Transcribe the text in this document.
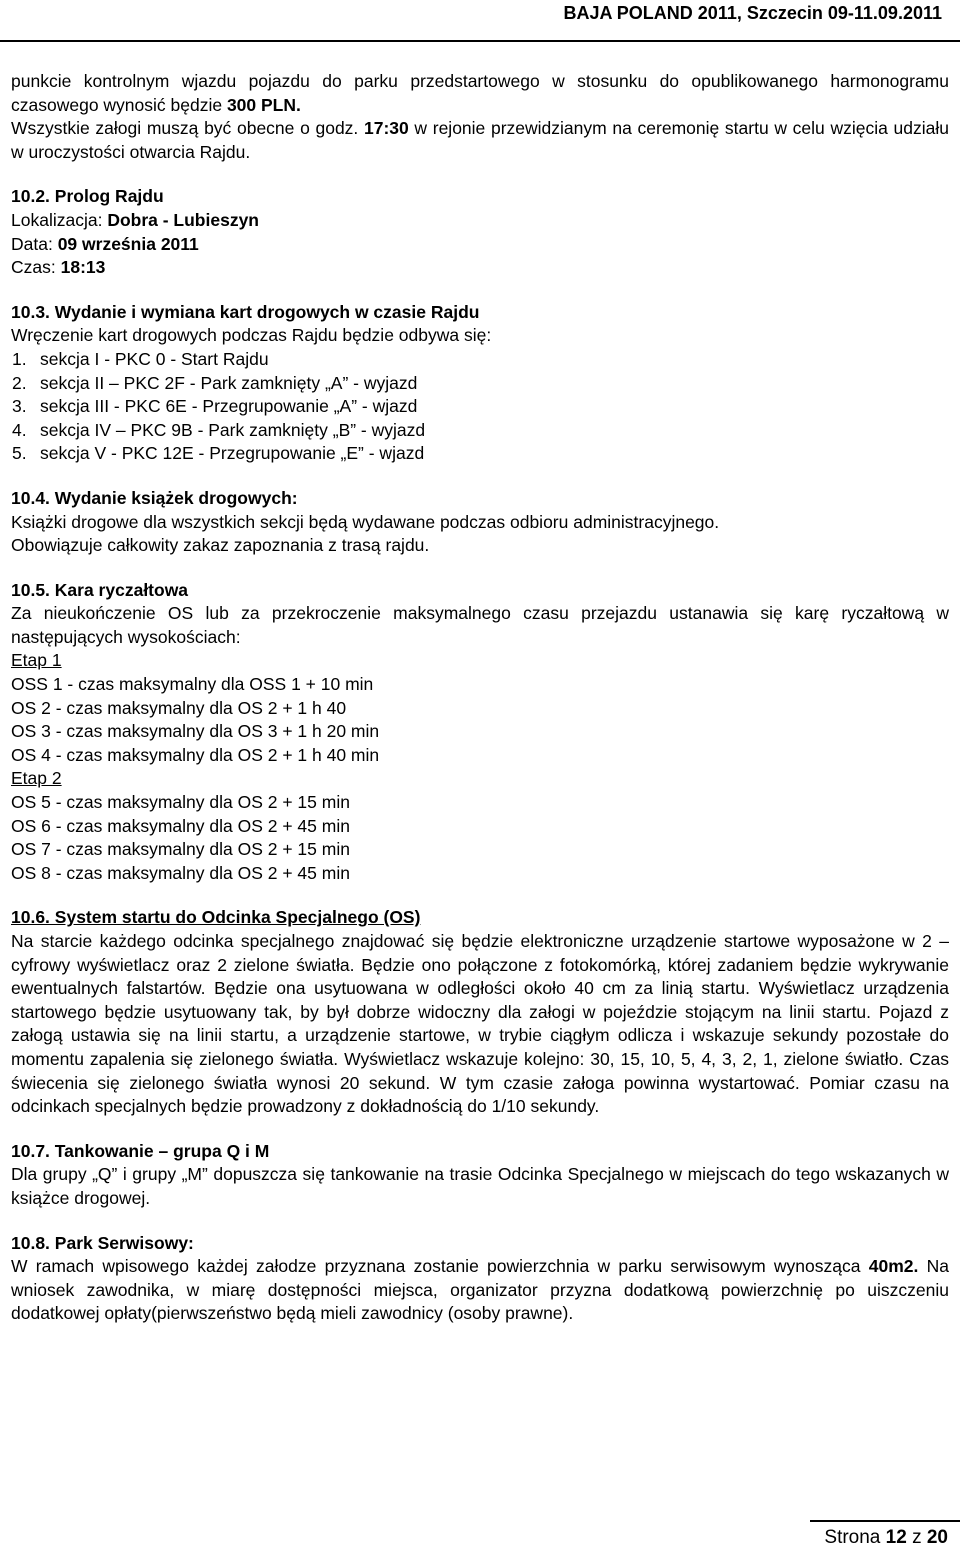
BAJA POLAND 2011, Szczecin 09-11.09.2011

punkcie kontrolnym wjazdu pojazdu do parku przedstartowego w stosunku do opublikowanego harmonogramu czasowego wynosić będzie 300 PLN.

Wszystkie załogi muszą być obecne o godz. 17:30 w rejonie przewidzianym na ceremonię startu w celu wzięcia udziału w uroczystości otwarcia Rajdu.

10.2. Prolog Rajdu

Lokalizacja: Dobra - Lubieszyn

Data: 09 września 2011

Czas: 18:13

10.3. Wydanie i wymiana kart drogowych w czasie Rajdu

Wręczenie kart drogowych podczas Rajdu będzie odbywa się:

1. sekcja I - PKC 0 - Start Rajdu
2. sekcja II – PKC 2F - Park zamknięty „A” - wyjazd
3. sekcja III - PKC 6E - Przegrupowanie „A” - wjazd
4. sekcja IV – PKC 9B - Park zamknięty „B” - wyjazd
5. sekcja V - PKC 12E - Przegrupowanie „E” - wjazd

10.4. Wydanie książek drogowych:

Książki drogowe dla wszystkich sekcji będą wydawane podczas odbioru administracyjnego.

Obowiązuje całkowity zakaz zapoznania z trasą rajdu.

10.5. Kara ryczałtowa

Za nieukończenie OS lub za przekroczenie maksymalnego czasu przejazdu ustanawia się karę ryczałtową w następujących wysokościach:

Etap 1

OSS 1 - czas maksymalny dla OSS 1 + 10 min

OS 2 - czas maksymalny dla OS 2 + 1 h 40

OS 3 - czas maksymalny dla OS 3 + 1 h 20 min

OS 4 - czas maksymalny dla OS 2 + 1 h 40 min

Etap 2

OS 5 - czas maksymalny dla OS 2 + 15 min

OS 6 - czas maksymalny dla OS 2 + 45 min

OS 7 - czas maksymalny dla OS 2 + 15 min

OS 8 - czas maksymalny dla OS 2 + 45 min

10.6. System startu do Odcinka Specjalnego (OS)

Na starcie każdego odcinka specjalnego znajdować się będzie elektroniczne urządzenie startowe wyposażone w 2 – cyfrowy wyświetlacz oraz 2 zielone światła. Będzie ono połączone z fotokomórką, której zadaniem będzie wykrywanie ewentualnych falstartów. Będzie ona usytuowana w odległości około 40 cm za linią startu. Wyświetlacz urządzenia startowego będzie usytuowany tak, by był dobrze widoczny dla załogi w pojeździe stojącym na linii startu. Pojazd z załogą ustawia się na linii startu, a urządzenie startowe, w trybie ciągłym odlicza i wskazuje sekundy pozostałe do momentu zapalenia się zielonego światła. Wyświetlacz wskazuje kolejno: 30, 15, 10, 5, 4, 3, 2, 1, zielone światło. Czas świecenia się zielonego światła wynosi 20 sekund. W tym czasie załoga powinna wystartować. Pomiar czasu na odcinkach specjalnych będzie prowadzony z dokładnością do 1/10 sekundy.

10.7. Tankowanie – grupa Q i M

Dla grupy „Q” i grupy „M” dopuszcza się tankowanie na trasie Odcinka Specjalnego w miejscach do tego wskazanych w książce drogowej.

10.8. Park Serwisowy:

W ramach wpisowego każdej załodze przyznana zostanie powierzchnia w parku serwisowym wynosząca 40m2. Na wniosek zawodnika, w miarę dostępności miejsca, organizator przyzna dodatkową powierzchnię po uiszczeniu dodatkowej opłaty(pierwszeństwo będą mieli zawodnicy (osoby prawne).

Strona 12 z 20
